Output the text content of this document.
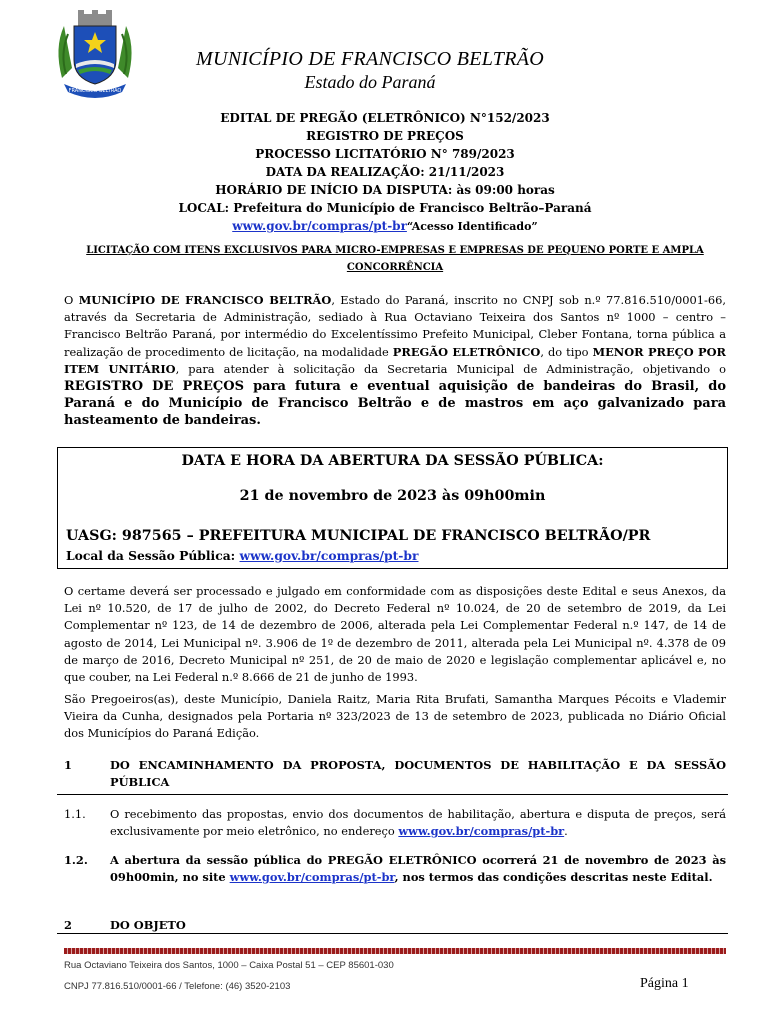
FRANCISCO BELTRÃO
MUNICÍPIO DE FRANCISCO BELTRÃO
Estado do Paraná
EDITAL DE PREGÃO (ELETRÔNICO) N°152/2023
REGISTRO DE PREÇOS
PROCESSO LICITATÓRIO N° 789/2023
DATA DA REALIZAÇÃO: 21/11/2023
HORÁRIO DE INÍCIO DA DISPUTA: às 09:00 horas
LOCAL: Prefeitura do Município de Francisco Beltrão–Paraná
www.gov.br/compras/pt-br“Acesso Identificado”
LICITAÇÃO COM ITENS EXCLUSIVOS PARA MICRO-EMPRESAS E EMPRESAS DE PEQUENO PORTE E AMPLA CONCORRÊNCIA
O MUNICÍPIO DE FRANCISCO BELTRÃO, Estado do Paraná, inscrito no CNPJ sob n.º 77.816.510/0001-66, através da Secretaria de Administração, sediado à Rua Octaviano Teixeira dos Santos nº 1000 – centro – Francisco Beltrão Paraná, por intermédio do Excelentíssimo Prefeito Municipal, Cleber Fontana, torna pública a realização de procedimento de licitação, na modalidade PREGÃO ELETRÔNICO, do tipo MENOR PREÇO POR ITEM UNITÁRIO, para atender à solicitação da Secretaria Municipal de Administração, objetivando o REGISTRO DE PREÇOS para futura e eventual aquisição de bandeiras do Brasil, do Paraná e do Município de Francisco Beltrão e de mastros em aço galvanizado para hasteamento de bandeiras.
DATA E HORA DA ABERTURA DA SESSÃO PÚBLICA:
21 de novembro de 2023 às 09h00min
UASG: 987565 – PREFEITURA MUNICIPAL DE FRANCISCO BELTRÃO/PR
Local da Sessão Pública: www.gov.br/compras/pt-br
O certame deverá ser processado e julgado em conformidade com as disposições deste Edital e seus Anexos, da Lei nº 10.520, de 17 de julho de 2002, do Decreto Federal nº 10.024, de 20 de setembro de 2019, da Lei Complementar nº 123, de 14 de dezembro de 2006, alterada pela Lei Complementar Federal n.º 147, de 14 de agosto de 2014, Lei Municipal nº. 3.906 de 1º de dezembro de 2011, alterada pela Lei Municipal nº. 4.378 de 09 de março de 2016, Decreto Municipal nº 251, de 20 de maio de 2020 e legislação complementar aplicável e, no que couber, na Lei Federal n.º 8.666 de 21 de junho de 1993.
São Pregoeiros(as), deste Município, Daniela Raitz, Maria Rita Brufati, Samantha Marques Pécoits e Vlademir Vieira da Cunha, designados pela Portaria nº 323/2023 de 13 de setembro de 2023, publicada no Diário Oficial dos Municípios do Paraná Edição.
1	DO ENCAMINHAMENTO DA PROPOSTA, DOCUMENTOS DE HABILITAÇÃO E DA SESSÃO PÚBLICA
1.1. O recebimento das propostas, envio dos documentos de habilitação, abertura e disputa de preços, será exclusivamente por meio eletrônico, no endereço www.gov.br/compras/pt-br.
1.2. A abertura da sessão pública do PREGÃO ELETRÔNICO ocorrerá 21 de novembro de 2023 às 09h00min, no site www.gov.br/compras/pt-br, nos termos das condições descritas neste Edital.
2	DO OBJETO
Rua Octaviano Teixeira dos Santos, 1000 – Caixa Postal 51 – CEP 85601-030
CNPJ 77.816.510/0001-66 / Telefone: (46) 3520-2103	Página 1
